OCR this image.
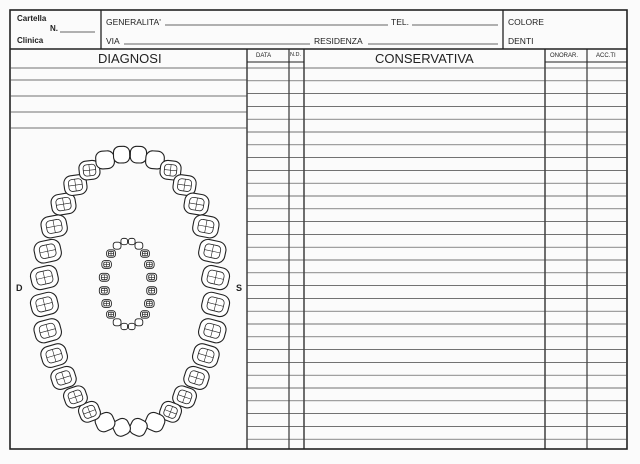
Cartella
N.
Clinica
GENERALITA'	TEL.	COLORE
VIA	RESIDENZA	DENTI
DIAGNOSI	DATA	N.D.	CONSERVATIVA	ONORAR.	ACC.TI
D	S
